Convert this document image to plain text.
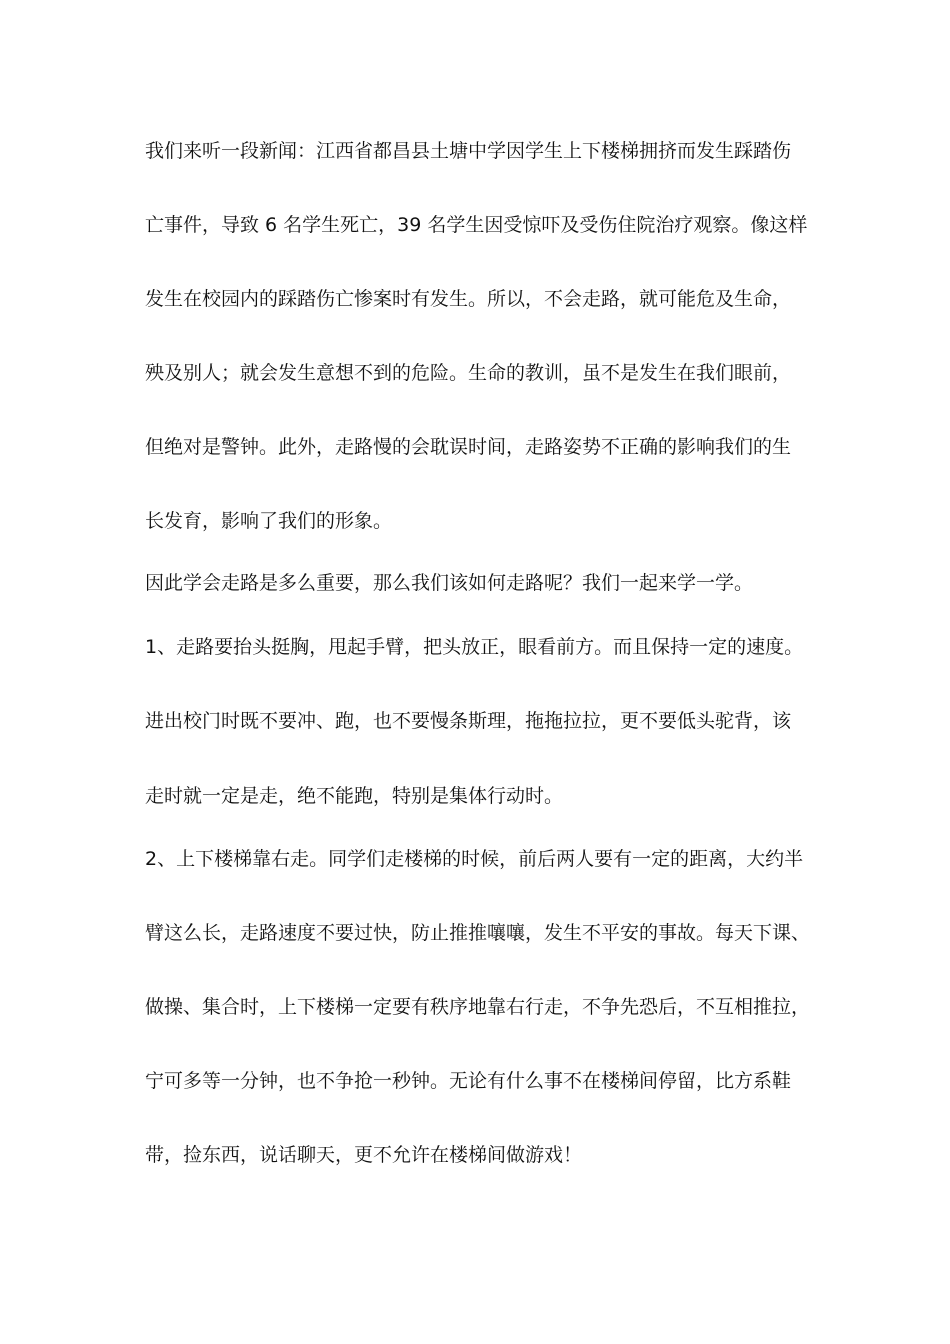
我们来听一段新闻：江西省都昌县土塘中学因学生上下楼梯拥挤而发生踩踏伤
亡事件，导致 6 名学生死亡，39 名学生因受惊吓及受伤住院治疗观察。像这样
发生在校园内的踩踏伤亡惨案时有发生。所以，不会走路，就可能危及生命，
殃及别人；就会发生意想不到的危险。生命的教训，虽不是发生在我们眼前，
但绝对是警钟。此外，走路慢的会耽误时间，走路姿势不正确的影响我们的生
长发育，影响了我们的形象。
因此学会走路是多么重要，那么我们该如何走路呢？我们一起来学一学。
1、走路要抬头挺胸，甩起手臂，把头放正，眼看前方。而且保持一定的速度。
进出校门时既不要冲、跑，也不要慢条斯理，拖拖拉拉，更不要低头驼背，该
走时就一定是走，绝不能跑，特别是集体行动时。
2、上下楼梯靠右走。同学们走楼梯的时候，前后两人要有一定的距离，大约半
臂这么长，走路速度不要过快，防止推推嚷嚷，发生不平安的事故。每天下课、
做操、集合时，上下楼梯一定要有秩序地靠右行走，不争先恐后，不互相推拉，
宁可多等一分钟，也不争抢一秒钟。无论有什么事不在楼梯间停留，比方系鞋
带，捡东西，说话聊天，更不允许在楼梯间做游戏！
